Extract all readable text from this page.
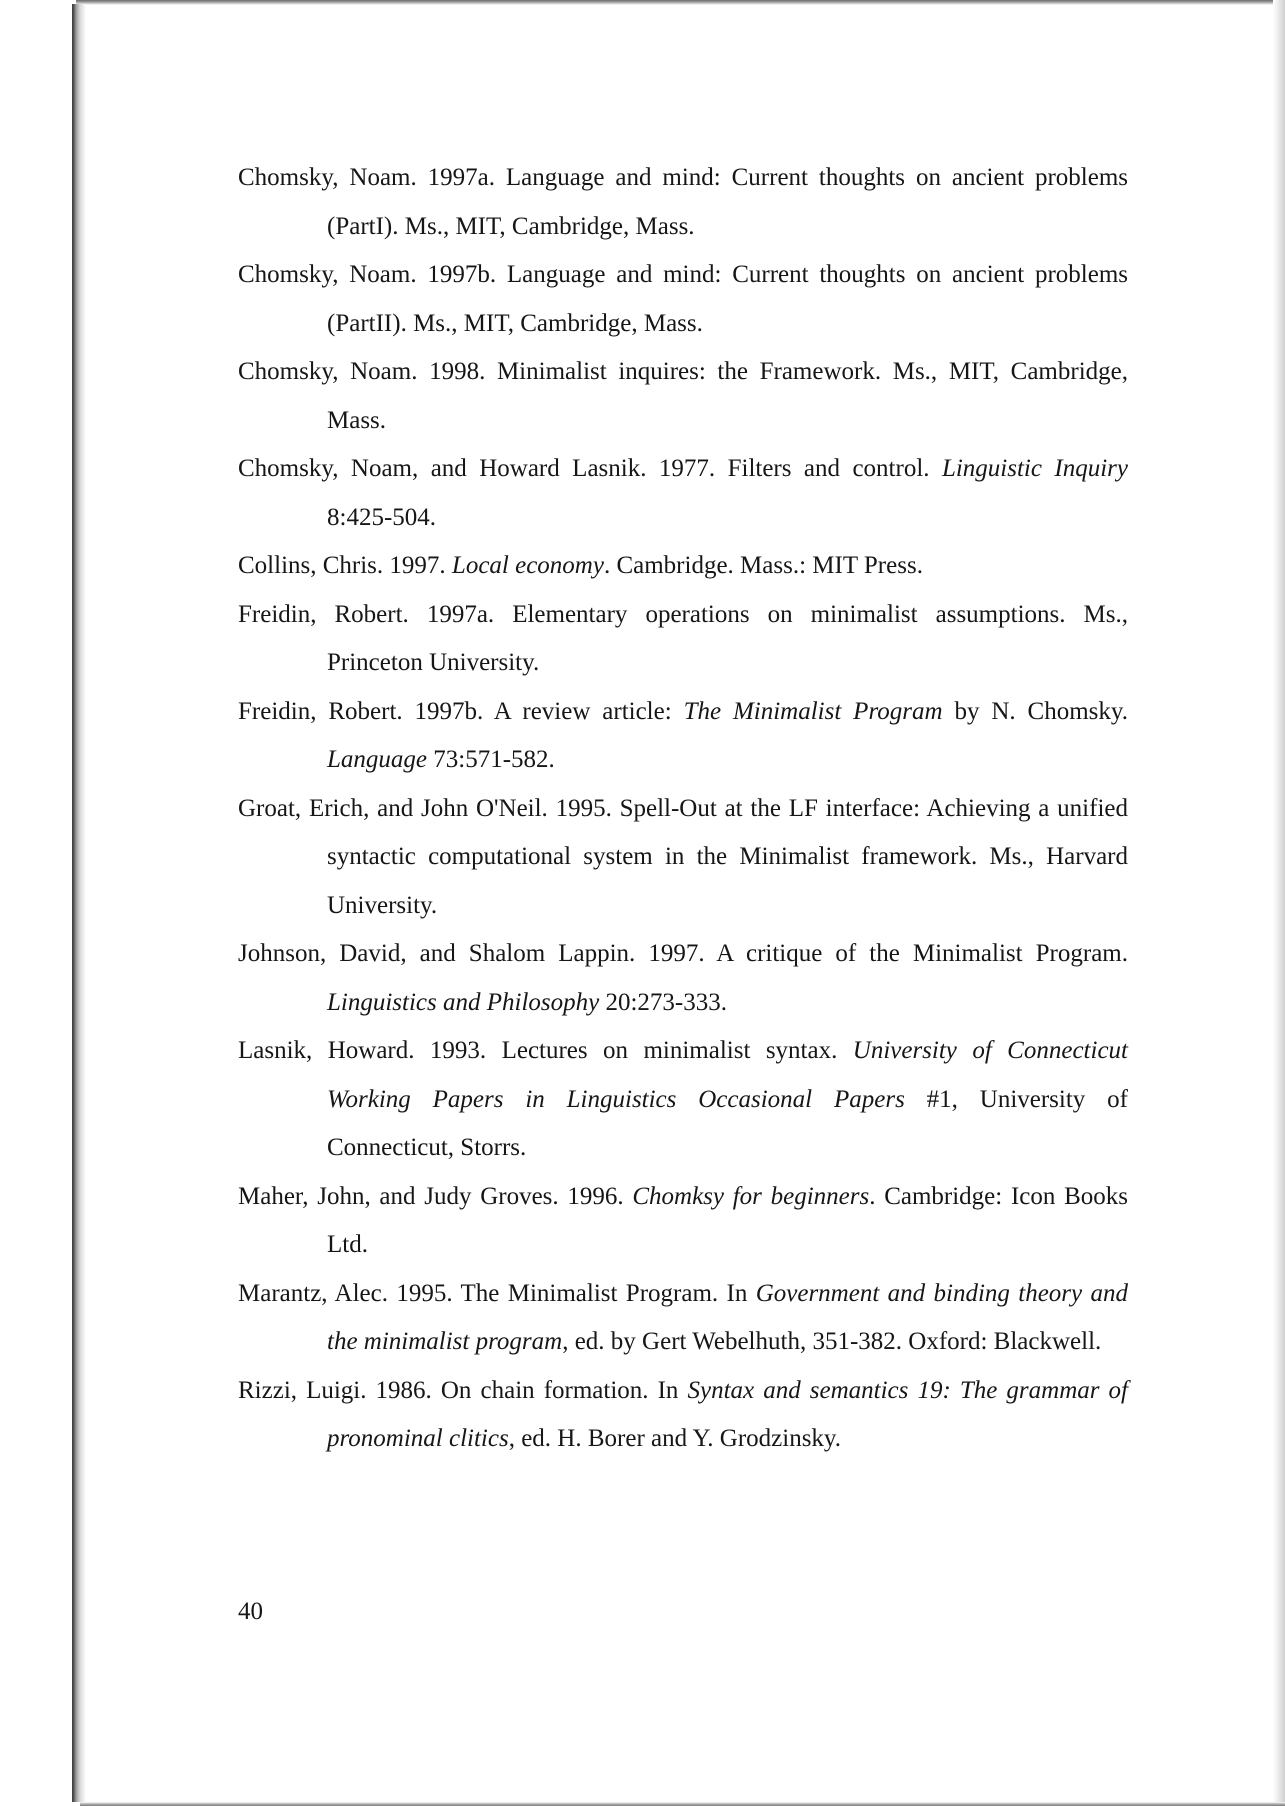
Chomsky, Noam. 1997a. Language and mind: Current thoughts on ancient problems (PartI). Ms., MIT, Cambridge, Mass.
Chomsky, Noam. 1997b. Language and mind: Current thoughts on ancient problems (PartII). Ms., MIT, Cambridge, Mass.
Chomsky, Noam. 1998. Minimalist inquires: the Framework. Ms., MIT, Cambridge, Mass.
Chomsky, Noam, and Howard Lasnik. 1977. Filters and control. Linguistic Inquiry 8:425-504.
Collins, Chris. 1997. Local economy. Cambridge. Mass.: MIT Press.
Freidin, Robert. 1997a. Elementary operations on minimalist assumptions. Ms., Princeton University.
Freidin, Robert. 1997b. A review article: The Minimalist Program by N. Chomsky. Language 73:571-582.
Groat, Erich, and John O'Neil. 1995. Spell-Out at the LF interface: Achieving a unified syntactic computational system in the Minimalist framework. Ms., Harvard University.
Johnson, David, and Shalom Lappin. 1997. A critique of the Minimalist Program. Linguistics and Philosophy 20:273-333.
Lasnik, Howard. 1993. Lectures on minimalist syntax. University of Connecticut Working Papers in Linguistics Occasional Papers #1, University of Connecticut, Storrs.
Maher, John, and Judy Groves. 1996. Chomksy for beginners. Cambridge: Icon Books Ltd.
Marantz, Alec. 1995. The Minimalist Program. In Government and binding theory and the minimalist program, ed. by Gert Webelhuth, 351-382. Oxford: Blackwell.
Rizzi, Luigi. 1986. On chain formation. In Syntax and semantics 19: The grammar of pronominal clitics, ed. H. Borer and Y. Grodzinsky.
40
